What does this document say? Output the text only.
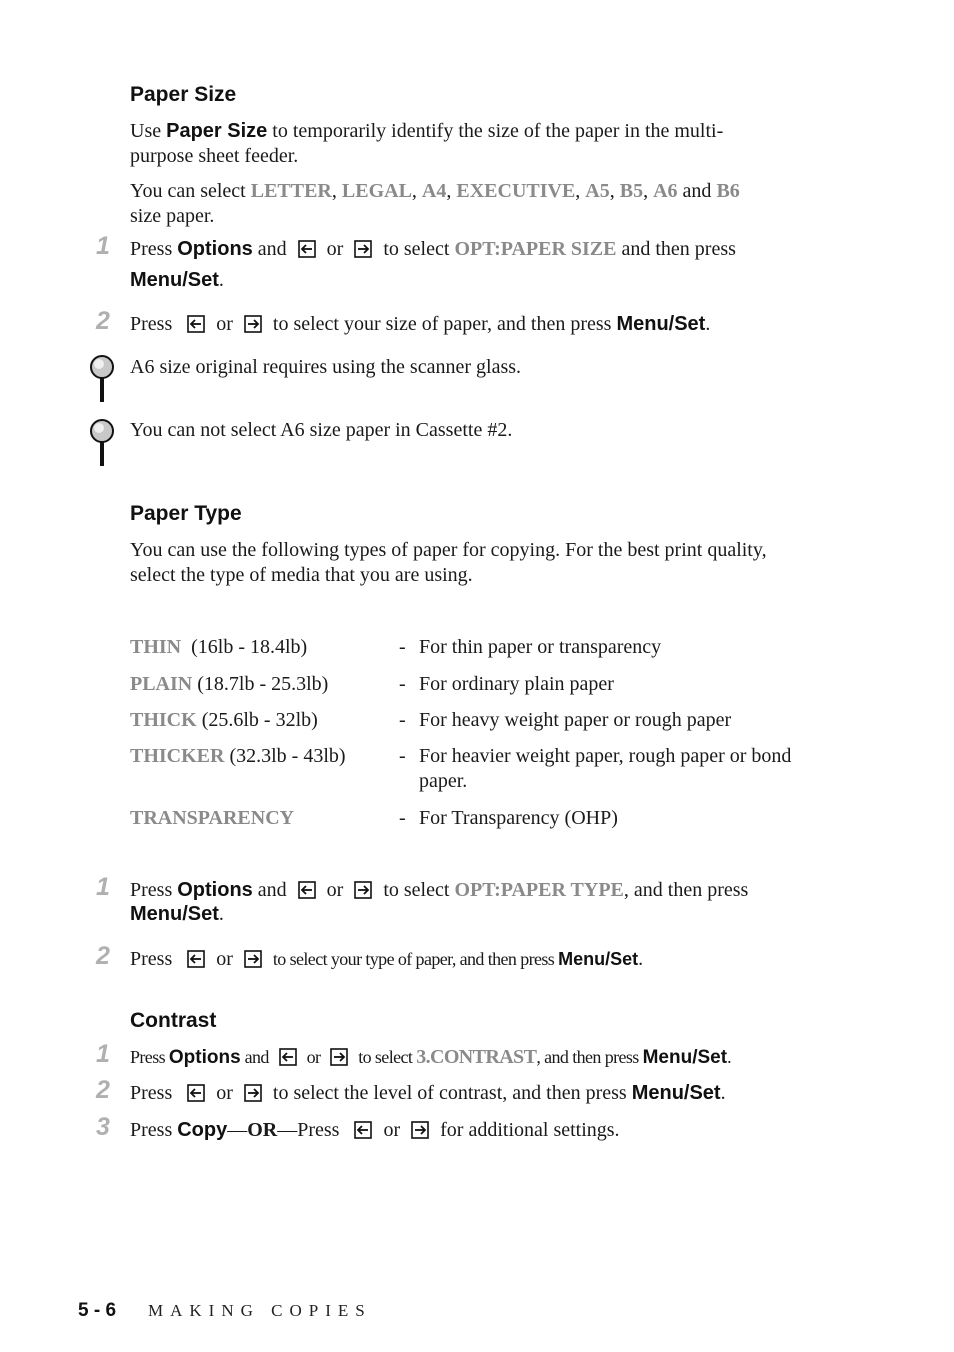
Paper Size
Use Paper Size to temporarily identify the size of the paper in the multi-
purpose sheet feeder.
You can select LETTER, LEGAL, A4, EXECUTIVE, A5, B5, A6 and B6
size paper.
1 Press Options and  or  to select OPT:PAPER SIZE and then press
Menu/Set.
2 Press or  to select your size of paper, and then press Menu/Set.
A6 size original requires using the scanner glass.
You can not select A6 size paper in Cassette #2.
Paper Type
You can use the following types of paper for copying. For the best print quality,
select the type of media that you are using.
THIN  (16lb - 18.4lb)	- For thin paper or transparency
PLAIN (18.7lb - 25.3lb)	- For ordinary plain paper
THICK (25.6lb - 32lb)	- For heavy weight paper or rough paper
THICKER (32.3lb - 43lb)	- For heavier weight paper, rough paper or bond
paper.
TRANSPARENCY	- For Transparency (OHP)
1 Press Options and  or  to select OPT:PAPER TYPE, and then press
Menu/Set.
2 Press or  to select your type of paper, and then press Menu/Set.
Contrast
1 Press Options and  or  to select 3.CONTRAST, and then press Menu/Set.
2 Press or  to select the level of contrast, and then press Menu/Set.
3 Press Copy—OR—Press or  for additional settings.
5 - 6 MAKING COPIES
